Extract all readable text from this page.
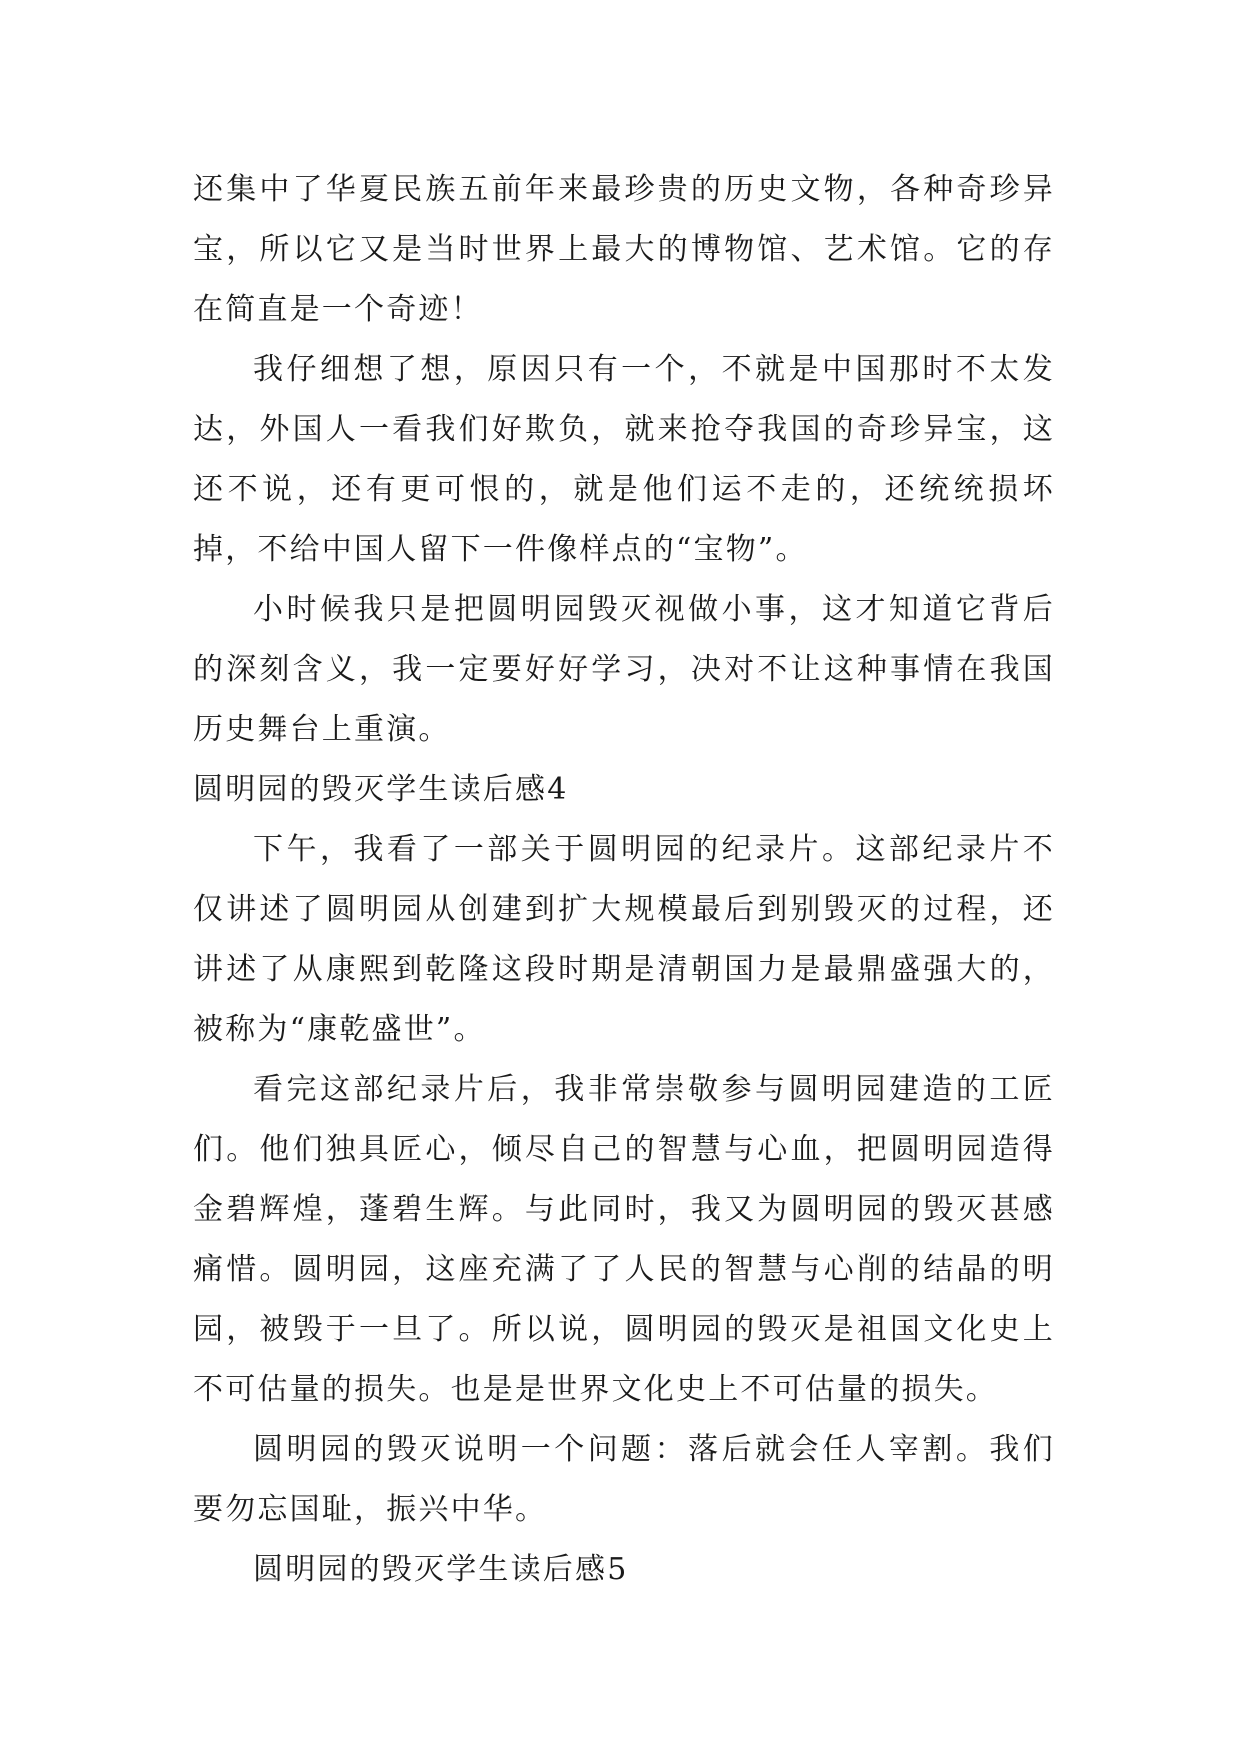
还集中了华夏民族五前年来最珍贵的历史文物，各种奇珍异宝，所以它又是当时世界上最大的博物馆、艺术馆。它的存在简直是一个奇迹！

我仔细想了想，原因只有一个，不就是中国那时不太发达，外国人一看我们好欺负，就来抢夺我国的奇珍异宝，这还不说，还有更可恨的，就是他们运不走的，还统统损坏掉，不给中国人留下一件像样点的“宝物”。

小时候我只是把圆明园毁灭视做小事，这才知道它背后的深刻含义，我一定要好好学习，决对不让这种事情在我国历史舞台上重演。

圆明园的毁灭学生读后感4

下午，我看了一部关于圆明园的纪录片。这部纪录片不仅讲述了圆明园从创建到扩大规模最后到别毁灭的过程，还讲述了从康熙到乾隆这段时期是清朝国力是最鼎盛强大的，被称为“康乾盛世”。

看完这部纪录片后，我非常崇敬参与圆明园建造的工匠们。他们独具匠心，倾尽自己的智慧与心血，把圆明园造得金碧辉煌，蓬碧生辉。与此同时，我又为圆明园的毁灭甚感痛惜。圆明园，这座充满了了人民的智慧与心削的结晶的明园，被毁于一旦了。所以说，圆明园的毁灭是祖国文化史上不可估量的损失。也是是世界文化史上不可估量的损失。

圆明园的毁灭说明一个问题：落后就会任人宰割。我们要勿忘国耻，振兴中华。

圆明园的毁灭学生读后感5
